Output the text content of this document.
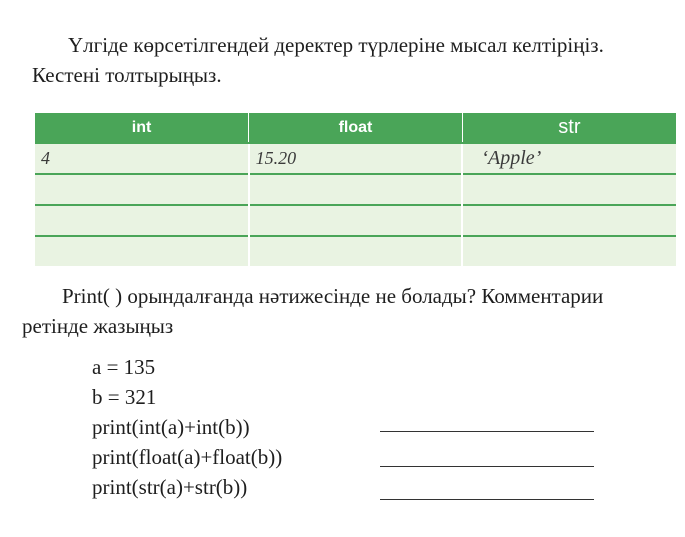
Үлгіде көрсетілгендей деректер түрлеріне мысал келтіріңіз. Кестені толтырыңыз.

int	float	str
4	15.20	‘Apple’

Print( ) орындалғанда нәтижесінде не болады? Комментарии ретінде жазыңыз

a = 135
b = 321
print(int(a)+int(b))
print(float(a)+float(b))
print(str(a)+str(b))
